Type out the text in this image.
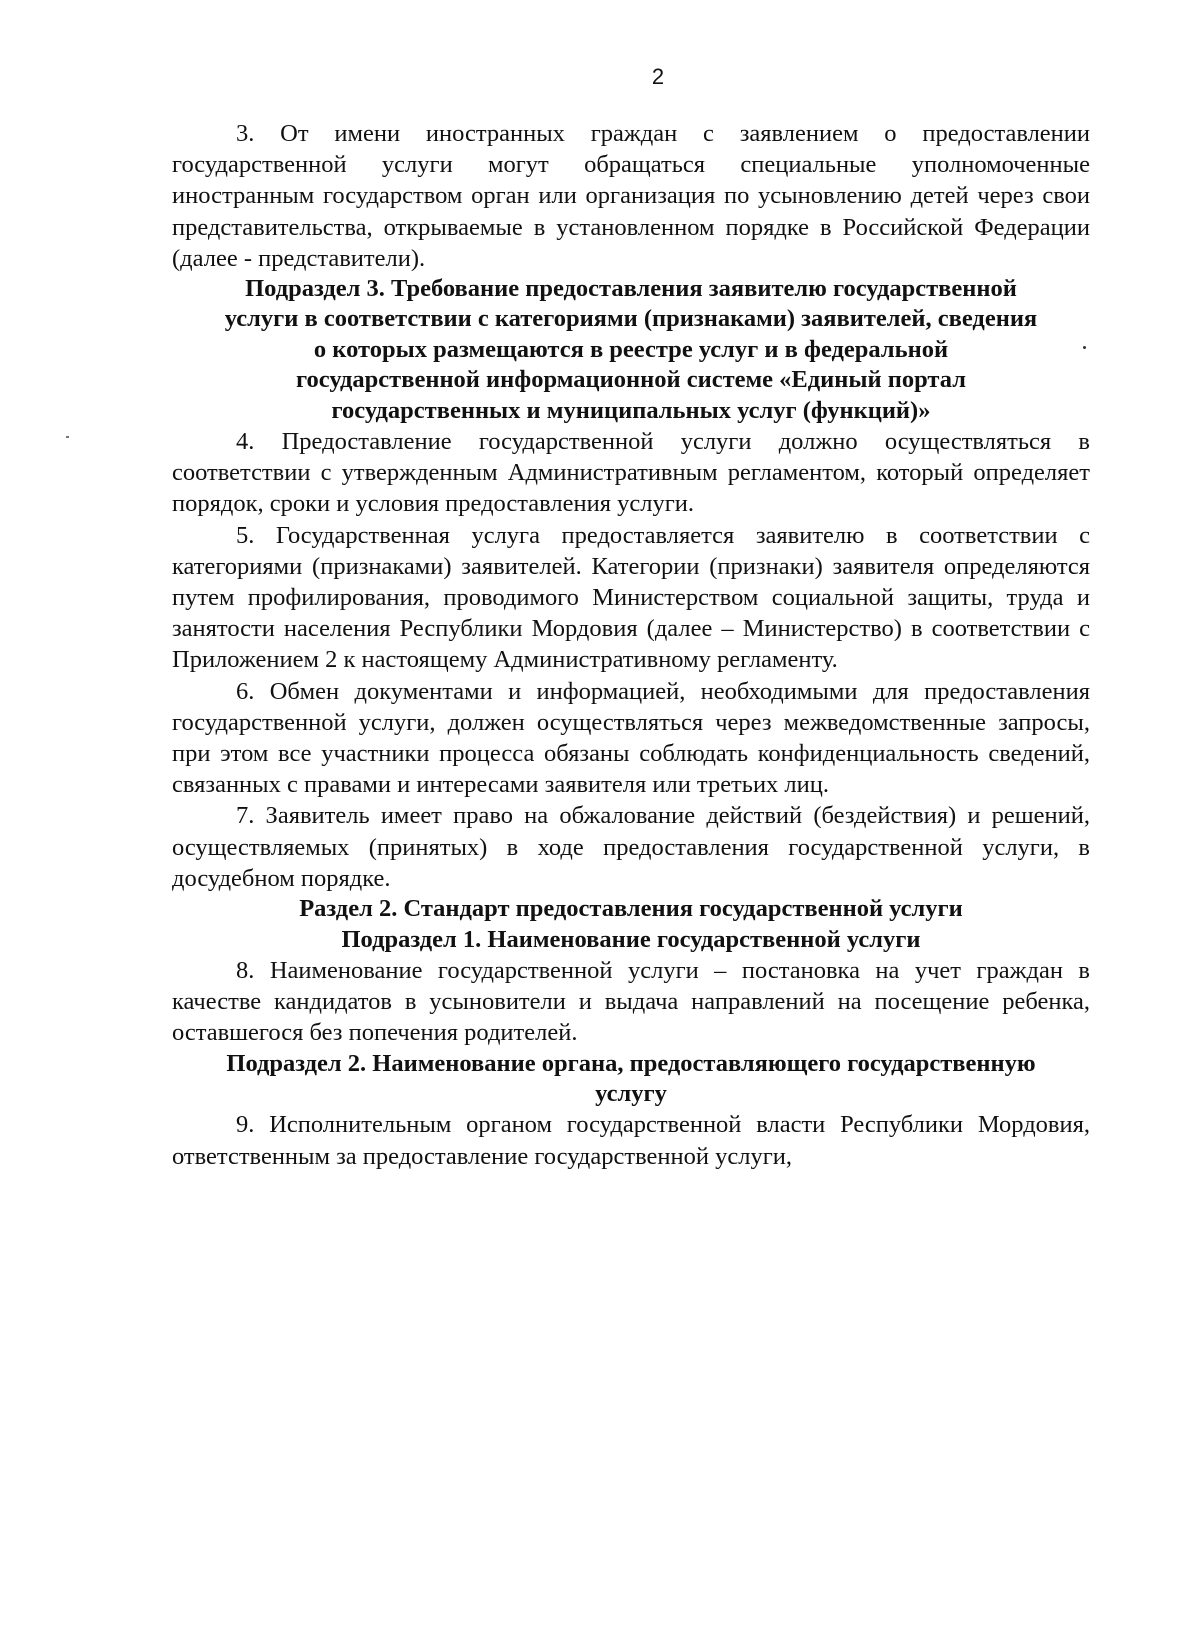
2

3. От имени иностранных граждан с заявлением о предоставлении государственной услуги могут обращаться специальные уполномоченные иностранным государством орган или организация по усыновлению детей через свои представительства, открываемые в установленном порядке в Российской Федерации (далее - представители).

Подраздел 3. Требование предоставления заявителю государственной
услуги в соответствии с категориями (признаками) заявителей, сведения
о которых размещаются в реестре услуг и в федеральной
государственной информационной системе «Единый портал
государственных и муниципальных услуг (функций)»

4. Предоставление государственной услуги должно осуществляться в соответствии с утвержденным Административным регламентом, который определяет порядок, сроки и условия предоставления услуги.

5. Государственная услуга предоставляется заявителю в соответствии с категориями (признаками) заявителей. Категории (признаки) заявителя определяются путем профилирования, проводимого Министерством социальной защиты, труда и занятости населения Республики Мордовия (далее – Министерство) в соответствии с Приложением 2 к настоящему Административному регламенту.

6. Обмен документами и информацией, необходимыми для предоставления государственной услуги, должен осуществляться через межведомственные запросы, при этом все участники процесса обязаны соблюдать конфиденциальность сведений, связанных с правами и интересами заявителя или третьих лиц.

7. Заявитель имеет право на обжалование действий (бездействия) и решений, осуществляемых (принятых) в ходе предоставления государственной услуги, в досудебном порядке.

Раздел 2. Стандарт предоставления государственной услуги
Подраздел 1. Наименование государственной услуги

8. Наименование государственной услуги – постановка на учет граждан в качестве кандидатов в усыновители и выдача направлений на посещение ребенка, оставшегося без попечения родителей.

Подраздел 2. Наименование органа, предоставляющего государственную
услугу

9. Исполнительным органом государственной власти Республики Мордовия, ответственным за предоставление государственной услуги,
